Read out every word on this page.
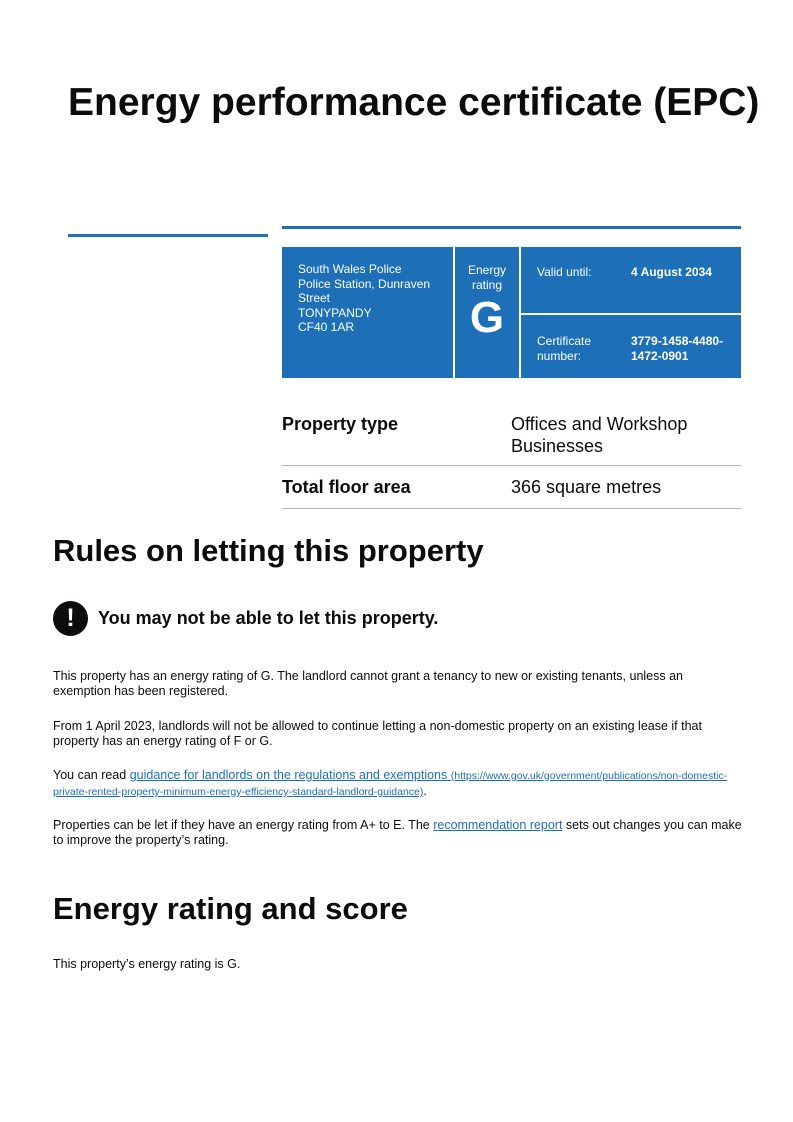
Energy performance certificate (EPC)
South Wales Police
Police Station, Dunraven Street
TONYPANDY
CF40 1AR
Energy
rating
G
Valid until:	4 August 2034
Certificate number:
3779-1458-4480-1472-0901
Property type	Offices and Workshop Businesses
Total floor area	366 square metres
Rules on letting this property
!	You may not be able to let this property.

This property has an energy rating of G. The landlord cannot grant a tenancy to new or existing tenants, unless an exemption has been registered.

From 1 April 2023, landlords will not be allowed to continue letting a non-domestic property on an existing lease if that property has an energy rating of F or G.

You can read guidance for landlords on the regulations and exemptions (https://www.gov.uk/government/publications/non-domestic-private-rented-property-minimum-energy-efficiency-standard-landlord-guidance).

Properties can be let if they have an energy rating from A+ to E. The recommendation report sets out changes you can make to improve the property’s rating.

Energy rating and score

This property’s energy rating is G.
